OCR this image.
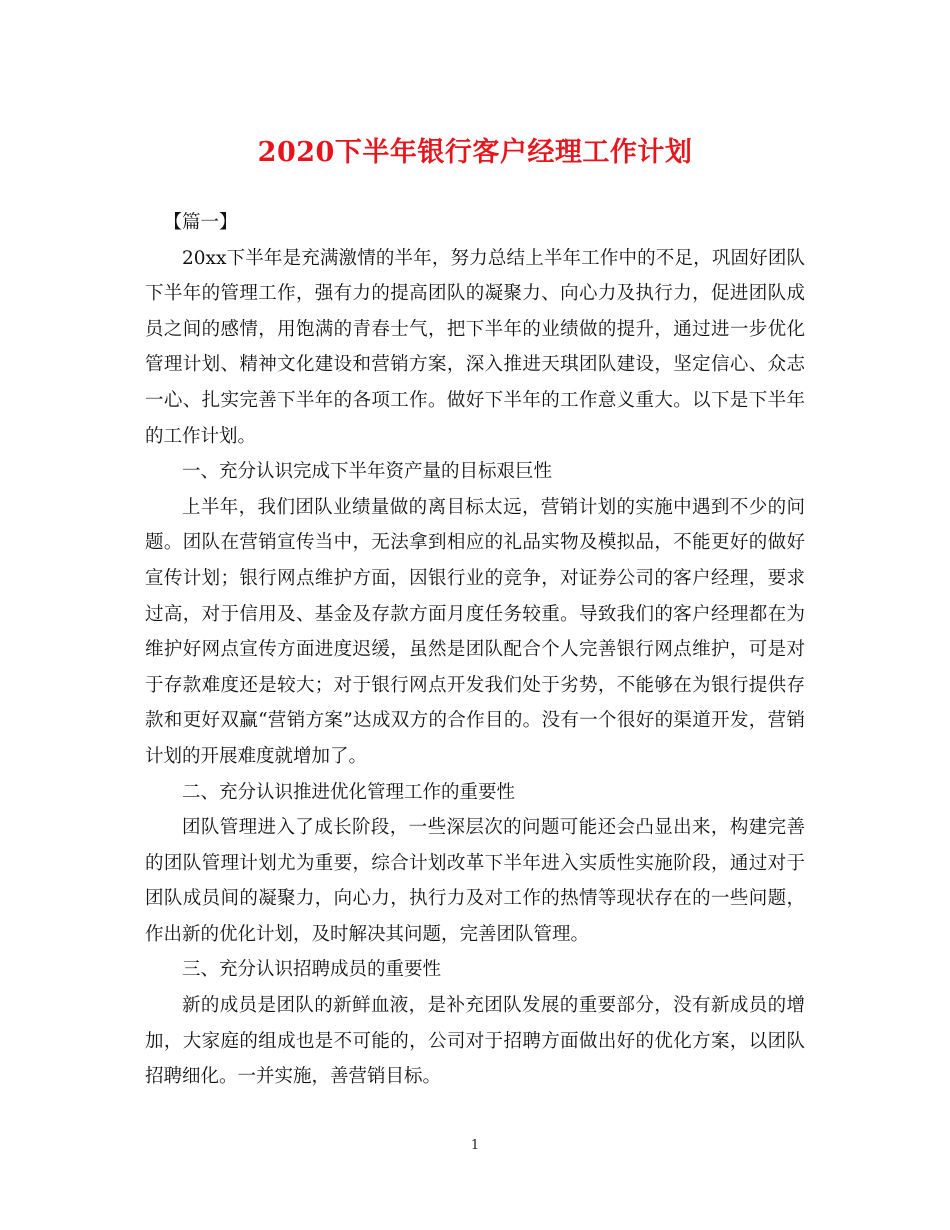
2020下半年银行客户经理工作计划

【篇一】

20xx下半年是充满激情的半年，努力总结上半年工作中的不足，巩固好团队下半年的管理工作，强有力的提高团队的凝聚力、向心力及执行力，促进团队成员之间的感情，用饱满的青春士气，把下半年的业绩做的提升，通过进一步优化管理计划、精神文化建设和营销方案，深入推进天琪团队建设，坚定信心、众志一心、扎实完善下半年的各项工作。做好下半年的工作意义重大。以下是下半年的工作计划。

一、充分认识完成下半年资产量的目标艰巨性

上半年，我们团队业绩量做的离目标太远，营销计划的实施中遇到不少的问题。团队在营销宣传当中，无法拿到相应的礼品实物及模拟品，不能更好的做好宣传计划；银行网点维护方面，因银行业的竞争，对证券公司的客户经理，要求过高，对于信用及、基金及存款方面月度任务较重。导致我们的客户经理都在为维护好网点宣传方面进度迟缓，虽然是团队配合个人完善银行网点维护，可是对于存款难度还是较大；对于银行网点开发我们处于劣势，不能够在为银行提供存款和更好双赢“营销方案”达成双方的合作目的。没有一个很好的渠道开发，营销计划的开展难度就增加了。

二、充分认识推进优化管理工作的重要性

团队管理进入了成长阶段，一些深层次的问题可能还会凸显出来，构建完善的团队管理计划尤为重要，综合计划改革下半年进入实质性实施阶段，通过对于团队成员间的凝聚力，向心力，执行力及对工作的热情等现状存在的一些问题，作出新的优化计划，及时解决其问题，完善团队管理。

三、充分认识招聘成员的重要性

新的成员是团队的新鲜血液，是补充团队发展的重要部分，没有新成员的增加，大家庭的组成也是不可能的，公司对于招聘方面做出好的优化方案，以团队招聘细化。一并实施，善营销目标。

1
